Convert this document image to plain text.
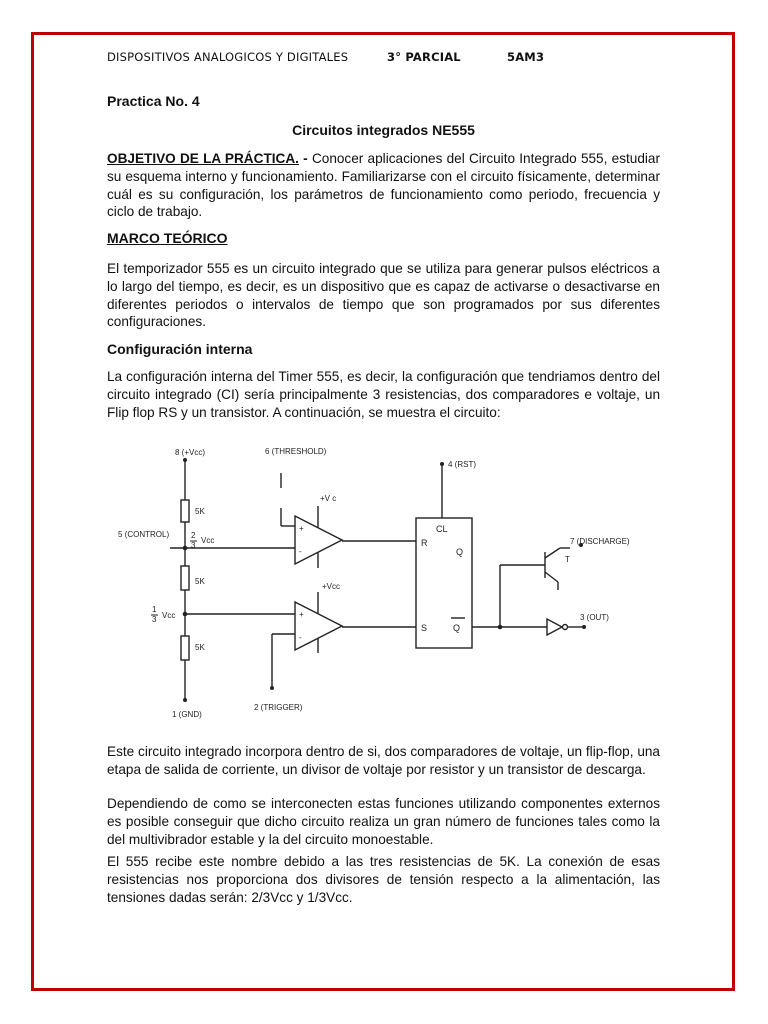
DISPOSITIVOS ANALOGICOS Y DIGITALES	3° PARCIAL	5AM3
Practica No. 4
Circuitos integrados NE555

OBJETIVO DE LA PRÁCTICA. - Conocer aplicaciones del Circuito Integrado 555, estudiar su esquema interno y funcionamiento. Familiarizarse con el circuito físicamente, determinar cuál es su configuración, los parámetros de funcionamiento como periodo, frecuencia y ciclo de trabajo.

MARCO TEÓRICO

El temporizador 555 es un circuito integrado que se utiliza para generar pulsos eléctricos a lo largo del tiempo, es decir, es un dispositivo que es capaz de activarse o desactivarse en diferentes periodos o intervalos de tiempo que son programados por sus diferentes configuraciones.

Configuración interna

La configuración interna del Timer 555, es decir, la configuración que tendriamos dentro del circuito integrado (CI) sería principalmente 3 resistencias, dos comparadores e voltaje, un Flip flop RS y un transistor. A continuación, se muestra el circuito:

8 (+Vcc)	6 (THRESHOLD)
4 (RST)
5 (CONTROL)
7 (DISCHARGE)
3 (OUT)
1 (GND)
2 (TRIGGER)
5K
5K
5K
2
3
Vcc
1
3 Vcc
+V c
+Vcc
+
-
+
-
T
CL
R
S
Q
Q

Este circuito integrado incorpora dentro de si, dos comparadores de voltaje, un flip-flop, una etapa de salida de corriente, un divisor de voltaje por resistor y un transistor de descarga.

Dependiendo de como se interconecten estas funciones utilizando componentes externos es posible conseguir que dicho circuito realiza un gran número de funciones tales como la del multivibrador estable y la del circuito monoestable.

El 555 recibe este nombre debido a las tres resistencias de 5K. La conexión de esas resistencias nos proporciona dos divisores de tensión respecto a la alimentación, las tensiones dadas serán: 2/3Vcc y 1/3Vcc.
